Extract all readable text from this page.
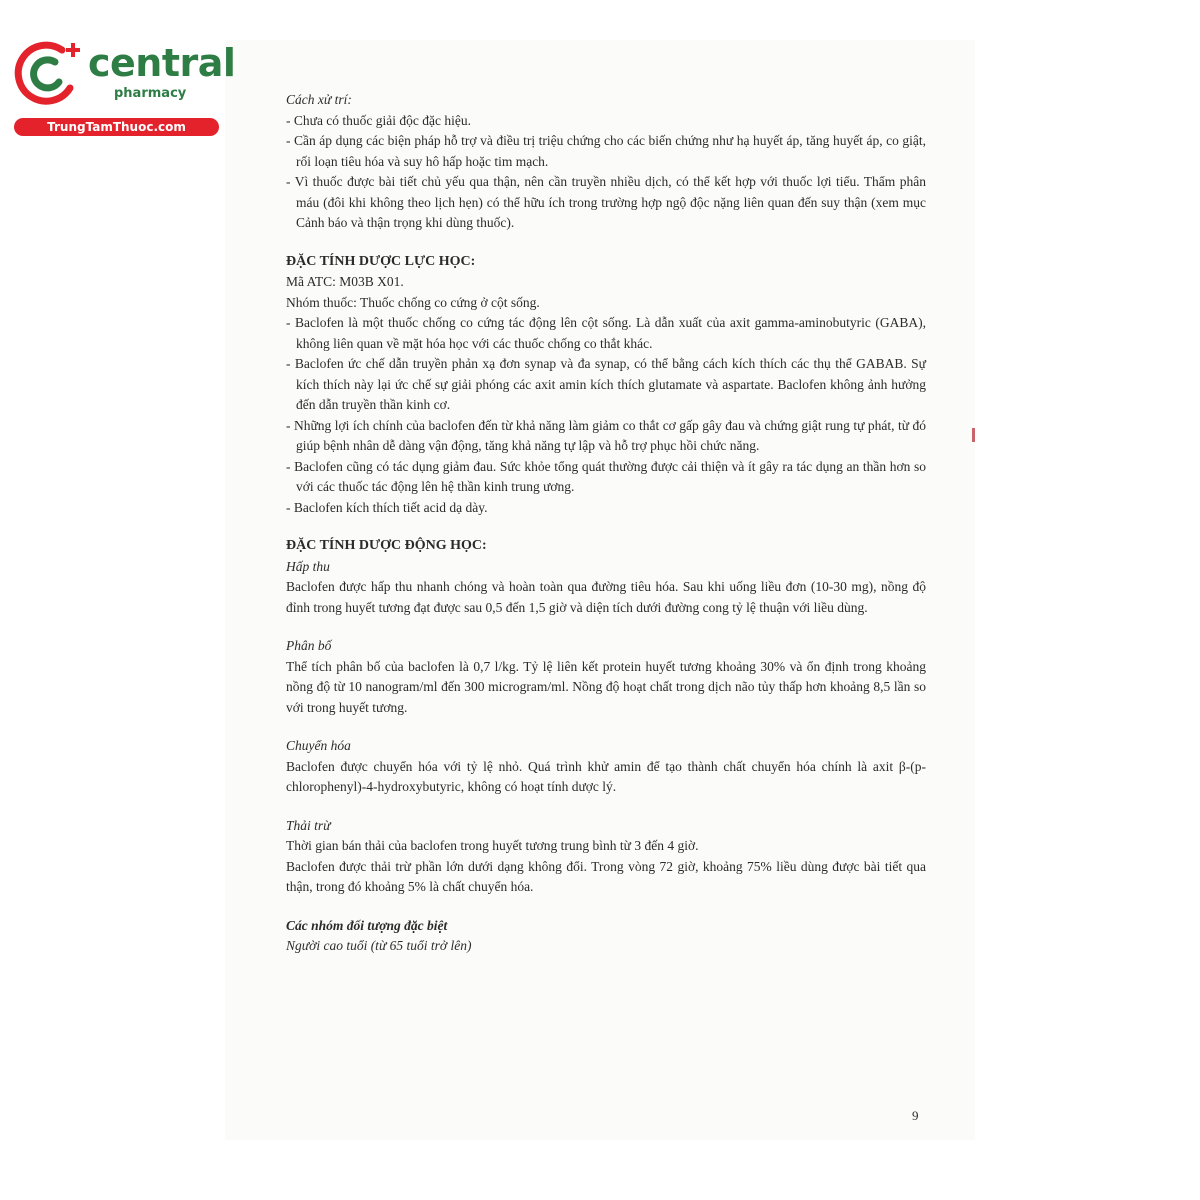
central
pharmacy
TrungTamThuoc.com

Cách xử trí:

- Chưa có thuốc giải độc đặc hiệu.

- Cần áp dụng các biện pháp hỗ trợ và điều trị triệu chứng cho các biến chứng như hạ huyết áp, tăng huyết áp, co giật, rối loạn tiêu hóa và suy hô hấp hoặc tim mạch.

- Vì thuốc được bài tiết chủ yếu qua thận, nên cần truyền nhiều dịch, có thể kết hợp với thuốc lợi tiểu. Thẩm phân máu (đôi khi không theo lịch hẹn) có thể hữu ích trong trường hợp ngộ độc nặng liên quan đến suy thận (xem mục Cảnh báo và thận trọng khi dùng thuốc).

ĐẶC TÍNH DƯỢC LỰC HỌC:

Mã ATC: M03B X01.

Nhóm thuốc: Thuốc chống co cứng ở cột sống.

- Baclofen là một thuốc chống co cứng tác động lên cột sống. Là dẫn xuất của axit gamma-aminobutyric (GABA), không liên quan về mặt hóa học với các thuốc chống co thắt khác.

- Baclofen ức chế dẫn truyền phản xạ đơn synap và đa synap, có thể bằng cách kích thích các thụ thể GABAB. Sự kích thích này lại ức chế sự giải phóng các axit amin kích thích glutamate và aspartate. Baclofen không ảnh hưởng đến dẫn truyền thần kinh cơ.

- Những lợi ích chính của baclofen đến từ khả năng làm giảm co thắt cơ gấp gây đau và chứng giật rung tự phát, từ đó giúp bệnh nhân dễ dàng vận động, tăng khả năng tự lập và hỗ trợ phục hồi chức năng.

- Baclofen cũng có tác dụng giảm đau. Sức khỏe tổng quát thường được cải thiện và ít gây ra tác dụng an thần hơn so với các thuốc tác động lên hệ thần kinh trung ương.

- Baclofen kích thích tiết acid dạ dày.

ĐẶC TÍNH DƯỢC ĐỘNG HỌC:

Hấp thu

Baclofen được hấp thu nhanh chóng và hoàn toàn qua đường tiêu hóa. Sau khi uống liều đơn (10-30 mg), nồng độ đỉnh trong huyết tương đạt được sau 0,5 đến 1,5 giờ và diện tích dưới đường cong tỷ lệ thuận với liều dùng.

Phân bố

Thể tích phân bố của baclofen là 0,7 l/kg. Tỷ lệ liên kết protein huyết tương khoảng 30% và ổn định trong khoảng nồng độ từ 10 nanogram/ml đến 300 microgram/ml. Nồng độ hoạt chất trong dịch não tủy thấp hơn khoảng 8,5 lần so với trong huyết tương.

Chuyển hóa

Baclofen được chuyển hóa với tỷ lệ nhỏ. Quá trình khử amin để tạo thành chất chuyển hóa chính là axit β-(p-chlorophenyl)-4-hydroxybutyric, không có hoạt tính dược lý.

Thải trừ

Thời gian bán thải của baclofen trong huyết tương trung bình từ 3 đến 4 giờ.

Baclofen được thải trừ phần lớn dưới dạng không đổi. Trong vòng 72 giờ, khoảng 75% liều dùng được bài tiết qua thận, trong đó khoảng 5% là chất chuyển hóa.

Các nhóm đối tượng đặc biệt

Người cao tuổi (từ 65 tuổi trở lên)

9
